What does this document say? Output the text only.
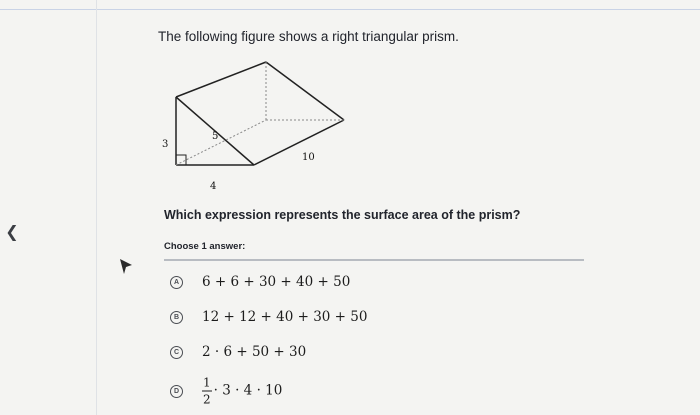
❮
The following figure shows a right triangular prism.
3
5
4
10
Which expression represents the surface area of the prism?
Choose 1 answer:
A 6 + 6 + 30 + 40 + 50
B 12 + 12 + 40 + 30 + 50
C 2 · 6 + 50 + 30
D	$\frac{1}{2} \cdot 3 \cdot 4 \cdot 10$
